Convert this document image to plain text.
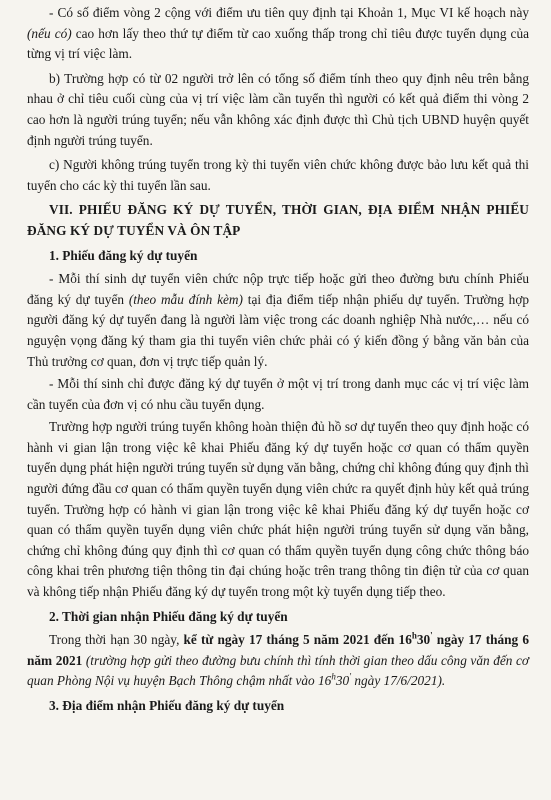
- Có số điểm vòng 2 cộng với điểm ưu tiên quy định tại Khoản 1, Mục VI kế hoạch này (nếu có) cao hơn lấy theo thứ tự điểm từ cao xuống thấp trong chỉ tiêu được tuyển dụng của từng vị trí việc làm.

b) Trường hợp có từ 02 người trở lên có tổng số điểm tính theo quy định nêu trên bằng nhau ở chỉ tiêu cuối cùng của vị trí việc làm cần tuyển thì người có kết quả điểm thi vòng 2 cao hơn là người trúng tuyển; nếu vẫn không xác định được thì Chủ tịch UBND huyện quyết định người trúng tuyển.

c) Người không trúng tuyển trong kỳ thi tuyển viên chức không được bảo lưu kết quả thi tuyển cho các kỳ thi tuyển lần sau.

VII. PHIẾU ĐĂNG KÝ DỰ TUYỂN, THỜI GIAN, ĐỊA ĐIỂM NHẬN PHIẾU ĐĂNG KÝ DỰ TUYỂN VÀ ÔN TẬP

1. Phiếu đăng ký dự tuyển

- Mỗi thí sinh dự tuyển viên chức nộp trực tiếp hoặc gửi theo đường bưu chính Phiếu đăng ký dự tuyển (theo mẫu đính kèm) tại địa điểm tiếp nhận phiếu dự tuyển. Trường hợp người đăng ký dự tuyển đang là người làm việc trong các doanh nghiệp Nhà nước,… nếu có nguyện vọng đăng ký tham gia thi tuyển viên chức phải có ý kiến đồng ý bằng văn bản của Thủ trưởng cơ quan, đơn vị trực tiếp quản lý.

- Mỗi thí sinh chỉ được đăng ký dự tuyển ở một vị trí trong danh mục các vị trí việc làm cần tuyển của đơn vị có nhu cầu tuyển dụng.

Trường hợp người trúng tuyển không hoàn thiện đủ hồ sơ dự tuyển theo quy định hoặc có hành vi gian lận trong việc kê khai Phiếu đăng ký dự tuyển hoặc cơ quan có thẩm quyền tuyển dụng phát hiện người trúng tuyển sử dụng văn bằng, chứng chỉ không đúng quy định thì người đứng đầu cơ quan có thẩm quyền tuyển dụng viên chức ra quyết định hủy kết quả trúng tuyển. Trường hợp có hành vi gian lận trong việc kê khai Phiếu đăng ký dự tuyển hoặc cơ quan có thẩm quyền tuyển dụng viên chức phát hiện người trúng tuyển sử dụng văn bằng, chứng chỉ không đúng quy định thì cơ quan có thẩm quyền tuyển dụng công chức thông báo công khai trên phương tiện thông tin đại chúng hoặc trên trang thông tin điện tử của cơ quan và không tiếp nhận Phiếu đăng ký dự tuyển trong một kỳ tuyển dụng tiếp theo.

2. Thời gian nhận Phiếu đăng ký dự tuyển

Trong thời hạn 30 ngày, kể từ ngày 17 tháng 5 năm 2021 đến 16$^h$30' ngày 17 tháng 6 năm 2021 (trường hợp gửi theo đường bưu chính thì tính thời gian theo dấu công văn đến cơ quan Phòng Nội vụ huyện Bạch Thông chậm nhất vào 16$^h$30' ngày 17/6/2021).

3. Địa điểm nhận Phiếu đăng ký dự tuyển
